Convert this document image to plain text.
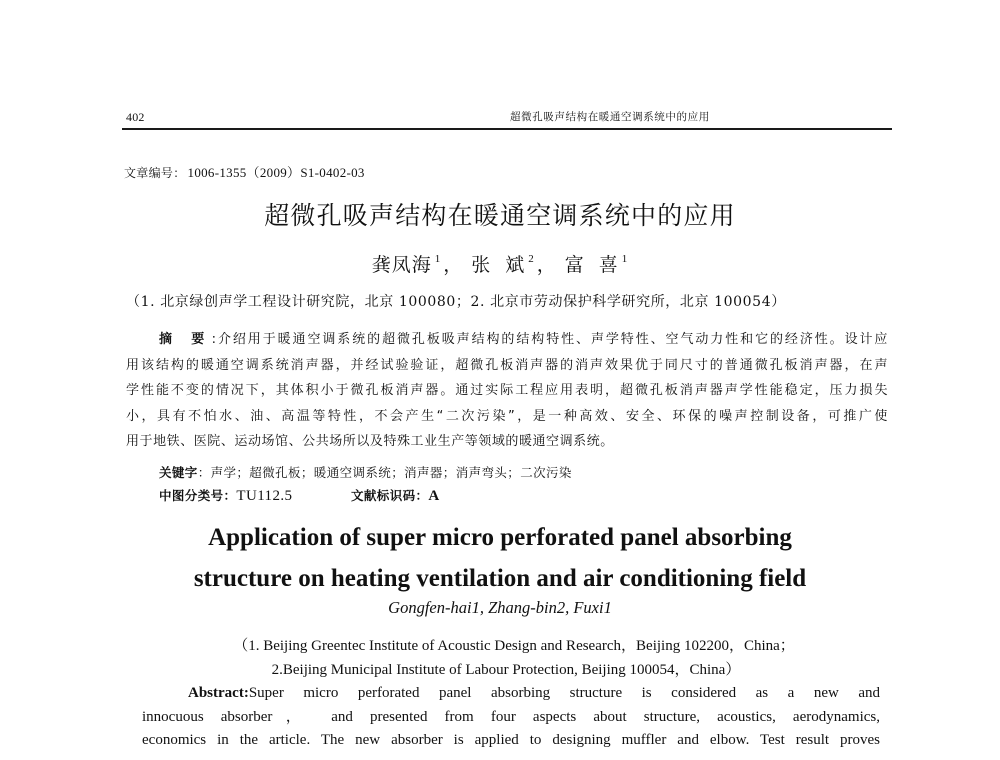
402	超微孔吸声结构在暖通空调系统中的应用
文章编号： 1006-1355（2009）S1-0402-03
超微孔吸声结构在暖通空调系统中的应用
龚凤海 $^1$ ， 张 斌 $^2$ ， 富 喜 $^1$
（1. 北京绿创声学工程设计研究院，北京 100080；2. 北京市劳动保护科学研究所，北京 100054）
摘 要:介绍用于暖通空调系统的超微孔板吸声结构的结构特性、声学特性、空气动力性和它的经济性。设计应
用该结构的暖通空调系统消声器，并经试验验证，超微孔板消声器的消声效果优于同尺寸的普通微孔板消声器，在声
学性能不变的情况下，其体积小于微孔板消声器。通过实际工程应用表明，超微孔板消声器声学性能稳定，压力损失
小，具有不怕水、油、高温等特性，不会产生“二次污染”，是一种高效、安全、环保的噪声控制设备，可推广使
用于地铁、医院、运动场馆、公共场所以及特殊工业生产等领域的暖通空调系统。
关键字：声学；超微孔板；暖通空调系统；消声器；消声弯头；二次污染
中图分类号：TU112.5	文献标识码：A
Application of super micro perforated panel absorbing
structure on heating ventilation and air conditioning field
Gongfen-hai1, Zhang-bin2, Fuxi1
（1. Beijing Greentec Institute of Acoustic Design and Research，Beijing 102200，China；
2.Beijing Municipal Institute of Labour Protection, Beijing 100054，China）
Abstract:Super micro perforated panel absorbing structure is considered as a new and
innocuous absorber， and presented from four aspects about structure, acoustics, aerodynamics,
economics in the article. The new absorber is applied to designing muffler and elbow. Test result proves
